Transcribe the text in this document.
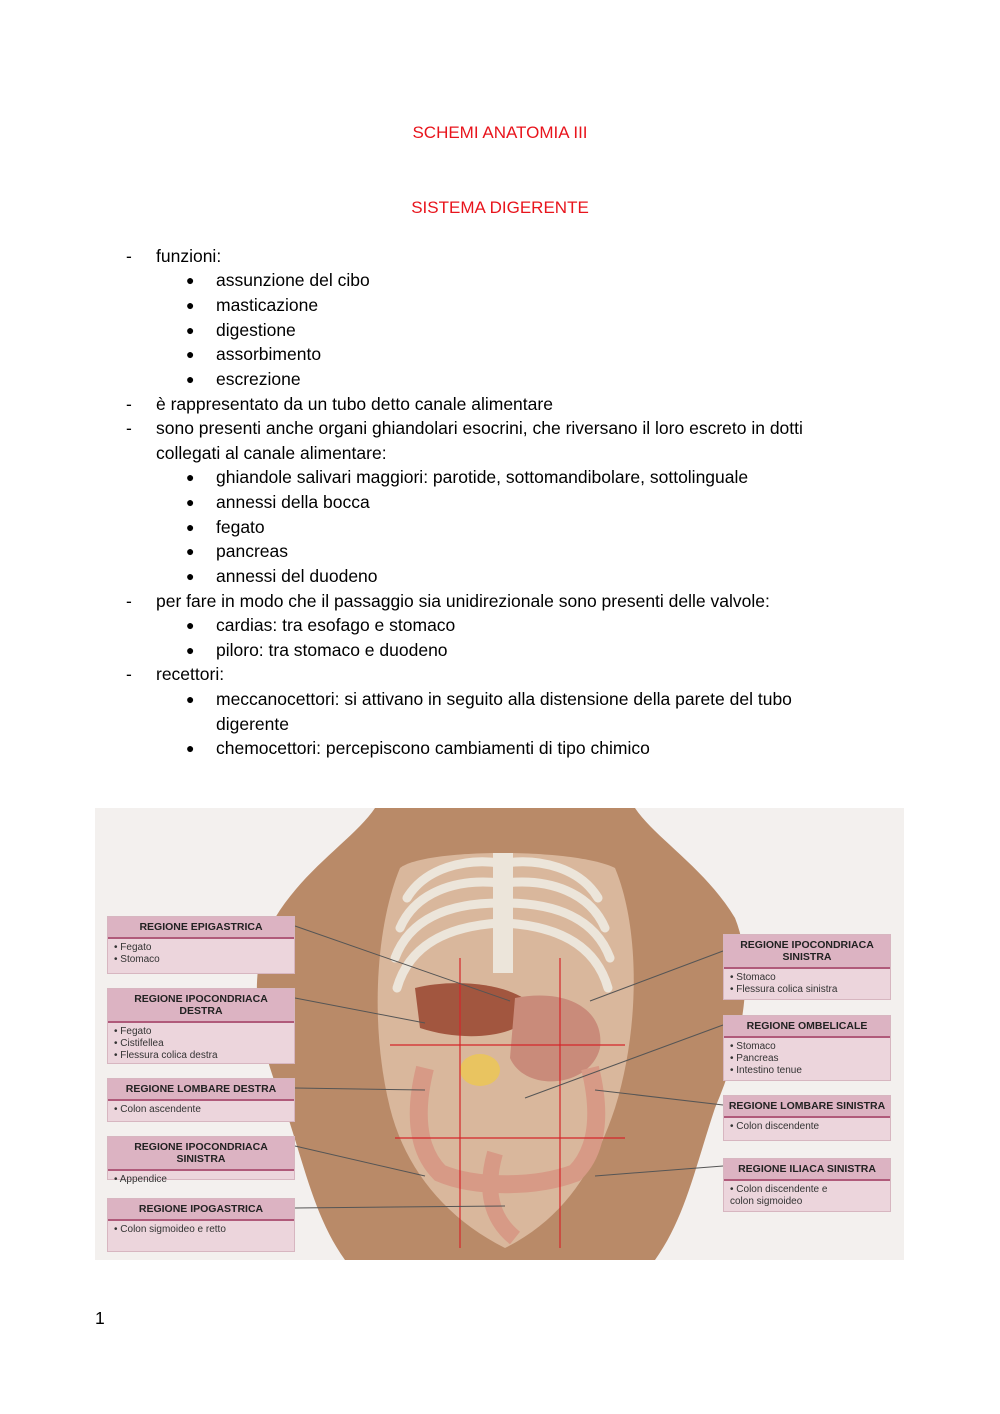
SCHEMI ANATOMIA III
SISTEMA DIGERENTE
- funzioni:
● assunzione del cibo
● masticazione
● digestione
● assorbimento
● escrezione
- è rappresentato da un tubo detto canale alimentare
- sono presenti anche organi ghiandolari esocrini, che riversano il loro escreto in dotti
collegati al canale alimentare:
● ghiandole salivari maggiori: parotide, sottomandibolare, sottolinguale
● annessi della bocca
● fegato
● pancreas
● annessi del duodeno
- per fare in modo che il passaggio sia unidirezionale sono presenti delle valvole:
● cardias: tra esofago e stomaco
● piloro: tra stomaco e duodeno
- recettori:
● meccanocettori: si attivano in seguito alla distensione della parete del tubo
digerente
● chemocettori: percepiscono cambiamenti di tipo chimico
REGIONE EPIGASTRICA
• Fegato
• Stomaco
REGIONE IPOCONDRIACA DESTRA
• Fegato
• Cistifellea
• Flessura colica destra
REGIONE LOMBARE DESTRA
• Colon ascendente
REGIONE IPOCONDRIACA SINISTRA
• Appendice
REGIONE IPOGASTRICA
• Colon sigmoideo e retto
REGIONE IPOCONDRIACA SINISTRA
• Stomaco
• Flessura colica sinistra
REGIONE OMBELICALE
• Stomaco
• Pancreas
• Intestino tenue
REGIONE LOMBARE SINISTRA
• Colon discendente
REGIONE ILIACA SINISTRA
• Colon discendente e
colon sigmoideo
1
